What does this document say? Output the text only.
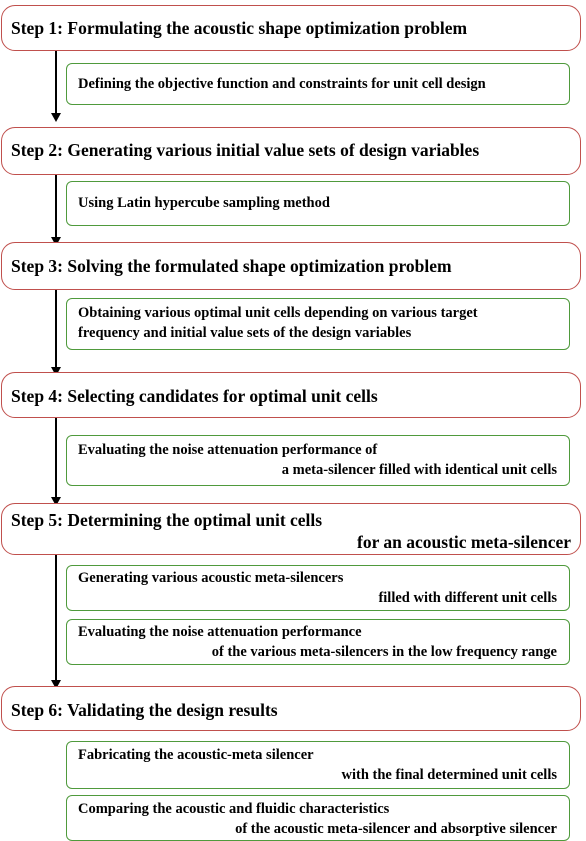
Step 1: Formulating the acoustic shape optimization problem
Defining the objective function and constraints for unit cell design
Step 2: Generating various initial value sets of design variables
Using Latin hypercube sampling method
Step 3: Solving the formulated shape optimization problem
Obtaining various optimal unit cells depending on various target
frequency and initial value sets of the design variables
Step 4: Selecting candidates for optimal unit cells
Evaluating the noise attenuation performance of
a meta-silencer filled with identical unit cells
Step 5: Determining the optimal unit cells
for an acoustic meta-silencer
Generating various acoustic meta-silencers
filled with different unit cells
Evaluating the noise attenuation performance
of the various meta-silencers in the low frequency range
Step 6: Validating the design results
Fabricating the acoustic-meta silencer
with the final determined unit cells
Comparing the acoustic and fluidic characteristics
of the acoustic meta-silencer and absorptive silencer
